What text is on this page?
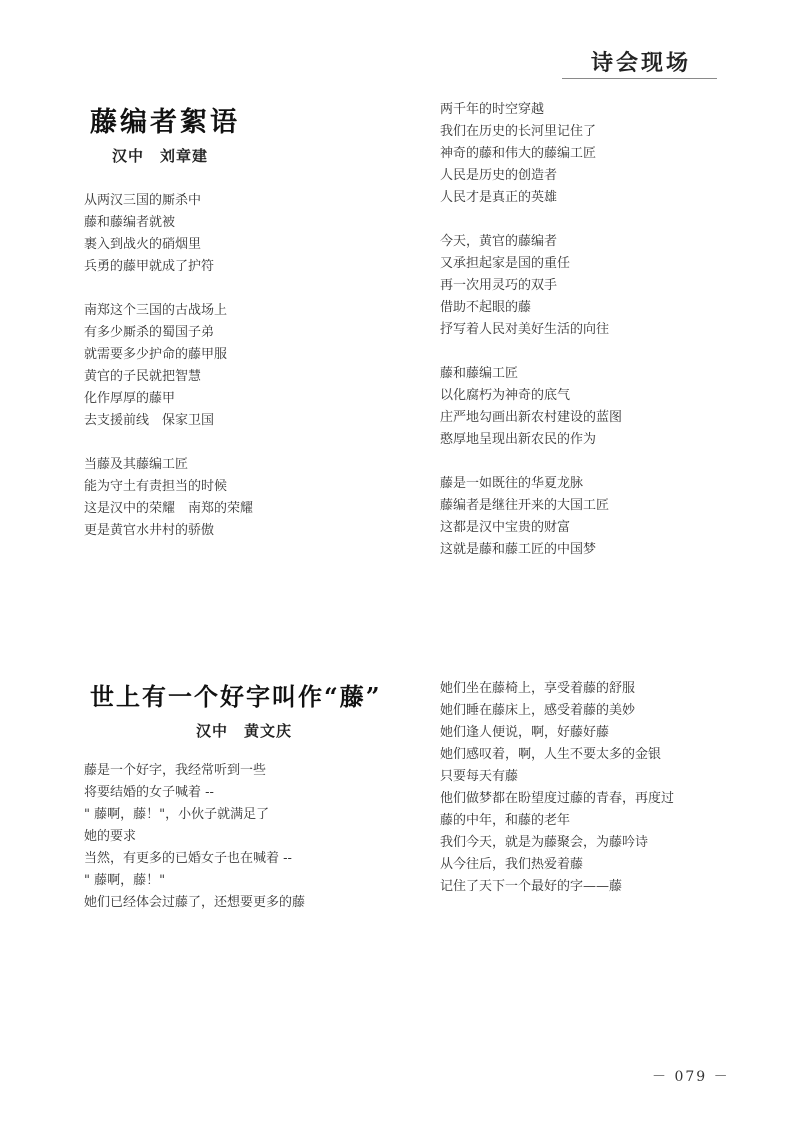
诗会现场
藤编者絮语
汉中　刘章建
从两汉三国的厮杀中
藤和藤编者就被
裹入到战火的硝烟里
兵勇的藤甲就成了护符
南郑这个三国的古战场上
有多少厮杀的蜀国子弟
就需要多少护命的藤甲服
黄官的子民就把智慧
化作厚厚的藤甲
去支援前线　保家卫国
当藤及其藤编工匠
能为守土有责担当的时候
这是汉中的荣耀　南郑的荣耀
更是黄官水井村的骄傲
两千年的时空穿越
我们在历史的长河里记住了
神奇的藤和伟大的藤编工匠
人民是历史的创造者
人民才是真正的英雄
今天，黄官的藤编者
又承担起家是国的重任
再一次用灵巧的双手
借助不起眼的藤
抒写着人民对美好生活的向往
藤和藤编工匠
以化腐朽为神奇的底气
庄严地勾画出新农村建设的蓝图
憨厚地呈现出新农民的作为
藤是一如既往的华夏龙脉
藤编者是继往开来的大国工匠
这都是汉中宝贵的财富
这就是藤和藤工匠的中国梦
世上有一个好字叫作“藤”
汉中　黄文庆
藤是一个好字，我经常听到一些
将要结婚的女子喊着 --
" 藤啊，藤！"，小伙子就满足了
她的要求
当然，有更多的已婚女子也在喊着 --
" 藤啊，藤！"
她们已经体会过藤了，还想要更多的藤
她们坐在藤椅上，享受着藤的舒服
她们睡在藤床上，感受着藤的美妙
她们逢人便说，啊，好藤好藤
她们感叹着，啊，人生不要太多的金银
只要每天有藤
他们做梦都在盼望度过藤的青春，再度过
藤的中年，和藤的老年
我们今天，就是为藤聚会，为藤吟诗
从今往后，我们热爱着藤
记住了天下一个最好的字——藤
－ 079 －
